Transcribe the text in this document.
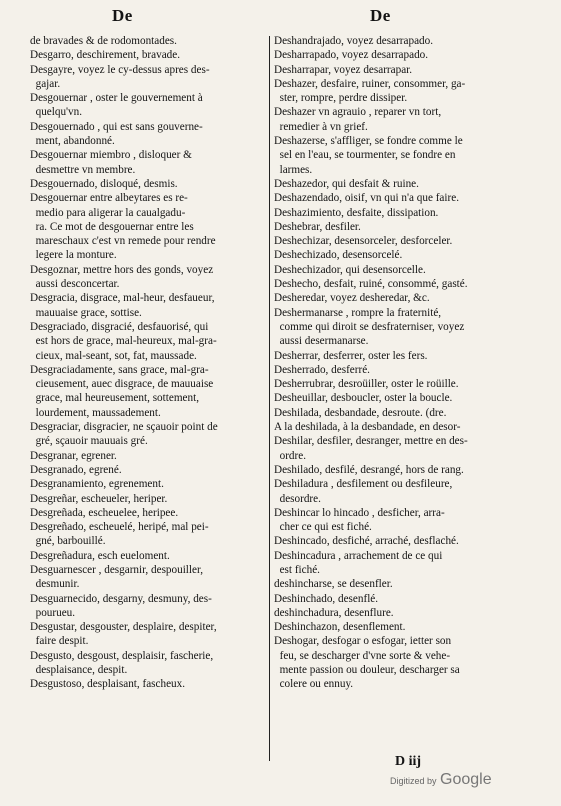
De	De
de bravades & de rodomontades.
Desgarro, deschirement, bravade.
Desgayre, voyez le cy-dessus apres des-
gajar.
Desgouernar , oster le gouvernement à
quelqu'vn.
Desgouernado , qui est sans gouverne-
ment, abandonné.
Desgouernar miembro , disloquer &
desmettre vn membre.
Desgouernado, disloqué, desmis.
Desgouernar entre albeytares es re-
medio para aligerar la caualgadu-
ra. Ce mot de desgouernar entre les
mareschaux c'est vn remede pour rendre
legere la monture.
Desgoznar, mettre hors des gonds, voyez
aussi desconcertar.
Desgracia, disgrace, mal-heur, desfaueur,
mauuaise grace, sottise.
Desgraciado, disgracié, desfauorisé, qui
est hors de grace, mal-heureux, mal-gra-
cieux, mal-seant, sot, fat, maussade.
Desgraciadamente, sans grace, mal-gra-
cieusement, auec disgrace, de mauuaise
grace, mal heureusement, sottement,
lourdement, maussadement.
Desgraciar, disgracier, ne sçauoir point de
gré, sçauoir mauuais gré.
Desgranar, egrener.
Desgranado, egrené.
Desgranamiento, egrenement.
Desgreñar, escheueler, heriper.
Desgreñada, escheuelee, heripee.
Desgreñado, escheuelé, heripé, mal pei-
gné, barbouillé.
Desgreñadura, esch eueloment.
Desguarnescer , desgarnir, despouiller,
desmunir.
Desguarnecido, desgarny, desmuny, des-
pourueu.
Desgustar, desgouster, desplaire, despiter,
faire despit.
Desgusto, desgoust, desplaisir, fascherie,
desplaisance, despit.
Desgustoso, desplaisant, fascheux.
Deshandrajado, voyez desarrapado.
Desharrapado, voyez desarrapado.
Desharrapar, voyez desarrapar.
Deshazer, desfaire, ruiner, consommer, ga-
ster, rompre, perdre dissiper.
Deshazer vn agrauio , reparer vn tort,
remedier à vn grief.
Deshazerse, s'affliger, se fondre comme le
sel en l'eau, se tourmenter, se fondre en
larmes.
Deshazedor, qui desfait & ruine.
Deshazendado, oisif, vn qui n'a que faire.
Deshazimiento, desfaite, dissipation.
Deshebrar, desfiler.
Deshechizar, desensorceler, desforceler.
Deshechizado, desensorcelé.
Deshechizador, qui desensorcelle.
Deshecho, desfait, ruiné, consommé, gasté.
Desheredar, voyez desheredar, &c.
Deshermanarse , rompre la fraternité,
comme qui diroit se desfraterniser, voyez
aussi desermanarse.
Desherrar, desferrer, oster les fers.
Desherrado, desferré.
Desherrubrar, desroüiller, oster le roüille.
Desheuillar, desboucler, oster la boucle.
Deshilada, desbandade, desroute. (dre.
A la deshilada, à la desbandade, en desor-
Deshilar, desfiler, desranger, mettre en des-
ordre.
Deshilado, desfilé, desrangé, hors de rang.
Deshiladura , desfilement ou desfileure,
desordre.
Deshincar lo hincado , desficher, arra-
cher ce qui est fiché.
Deshincado, desfiché, arraché, desflaché.
Deshincadura , arrachement de ce qui
est fiché.
deshincharse, se desenfler.
Deshinchado, desenflé.
deshinchadura, desenflure.
Deshinchazon, desenflement.
Deshogar, desfogar o esfogar, ietter son
feu, se descharger d'vne sorte & vehe-
mente passion ou douleur, descharger sa
colere ou ennuy.
D iij
Digitized by Google
